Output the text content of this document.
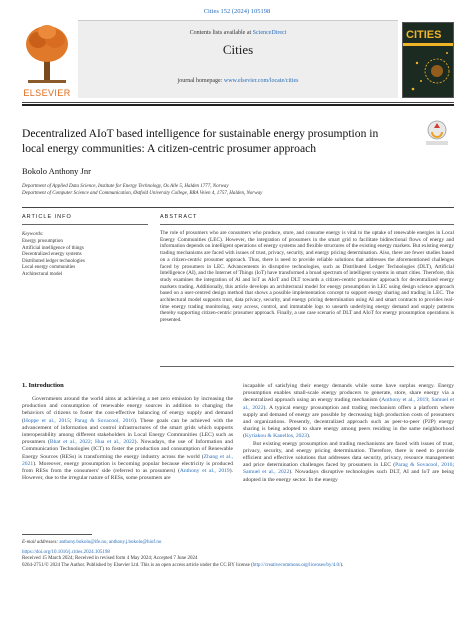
Cities 152 (2024) 105198
ELSEVIER
Contents lists available at ScienceDirect
Cities
journal homepage: www.elsevier.com/locate/cities
CITIES
Decentralized AIoT based intelligence for sustainable energy prosumption in local energy communities: A citizen-centric prosumer approach
Bokolo Anthony Jnr
Department of Applied Data Science, Institute for Energy Technology, Os Alle 5, Halden 1777, Norway
Department of Computer Science and Communication, Østfold University College, BRA Veien 4, 1757, Halden, Norway
ARTICLE INFO	ABSTRACT
Keywords:
Energy prosumption
Artificial intelligence of things
Decentralized energy systems
Distributed ledger technologies
Local energy communities
Architectural model
The role of prosumers who are consumers who produce, store, and consume energy is vital to the uptake of renewable energies in Local Energy Communities (LEC). However, the integration of prosumers in the smart grid to facilitate bidirectional flows of energy and information depends on intelligent operations of energy systems and flexible structures of the existing energy markets. But existing energy trading mechanisms are faced with issues of trust, privacy, security, and energy pricing determination. Also, there are fewer studies based on a citizen-centric prosumer approach. Thus, there is need to provide reliable solutions that addresses the aforementioned challenges faced by prosumers in LEC. Advancements in disruptive technologies, such as Distributed Ledger Technologies (DLT), Artificial Intelligence (AI), and the Internet of Things (IoT) have transformed a broad spectrum of intelligent systems in smart cities. Therefore, this study examines the integration of AI and IoT as AIoT and DLT towards a citizen-centric prosumer approach for decentralized energy markets trading. Additionally, this article develops an architectural model for energy prosumption in LEC using design science approach based on a user-centred design method that shows a possible implementation concept to support energy sharing and trading in LEC. The architectural model supports trust, data privacy, security, and energy pricing determination using AI and smart contracts to provides real-time energy trading monitoring, easy access, control, and immutable logs to unearth underlying energy demand and supply patterns thereby supporting citizen-centric prosumer approach. Finally, a use case scenario of DLT and AIoT for energy prosumption operations is presented.
1. Introduction
Governments around the world aims at achieving a net zero emission by increasing the production and consumption of renewable energy sources in addition to changing the behaviors of citizens to foster the cost-effective balancing of energy supply and demand (Hoppe et al., 2015; Parag & Sovacool, 2016). These goals can be achieved with the advancement of information and control infrastructures of the smart grids which supports interoperability among different stakeholders in Local Energy Communities (LEC) such as prosumers (Bhat et al., 2022; Hua et al., 2022). Nowadays, the use of Information and Communication Technologies (ICT) to foster the production and consumption of Renewable Energy Sources (RESs) is transforming the energy industry across the world (Zhang et al., 2021). Moreover, energy prosumption is becoming popular because electricity is produced from RESs from the consumers' side (referred to as prosumers) (Anthony et al., 2019). However, due to the irregular nature of RESs, some prosumers are
incapable of satisfying their energy demands while some have surplus energy. Energy prosumption enables small-scale energy producers to generate, store, share energy via a decentralized approach using an energy trading mechanism (Anthony et al., 2019; Samuel et al., 2022). A typical energy prosumption and trading mechanism offers a platform where supply and demand of energy are possible by decreasing high production costs of prosumers and organizations. Presently, decentralized approach such as peer-to-peer (P2P) energy sharing is being adopted to share energy among peers residing in the same neighborhood (Kyriakou & Kanellos, 2023).
But existing energy prosumption and trading mechanisms are faced with issues of trust, privacy, security, and energy pricing determination. Therefore, there is need to provide efficient and effective solutions that addresses data security, privacy, resource management and price determination challenges faced by prosumers in LEC (Parag & Sovacool, 2016; Samuel et al., 2022). Nowadays disruptive technologies such DLT, AI and IoT are being adopted in the energy sector. In the energy
E-mail addresses: anthony.bokolo@ife.no, anthony.j.bokolo@hiof.no
https://doi.org/10.1016/j.cities.2024.105198
Received 15 March 2024; Received in revised form 4 May 2024; Accepted 7 June 2024
0264-2751/© 2024 The Author. Published by Elsevier Ltd. This is an open access article under the CC BY license (http://creativecommons.org/licenses/by/4.0/).
